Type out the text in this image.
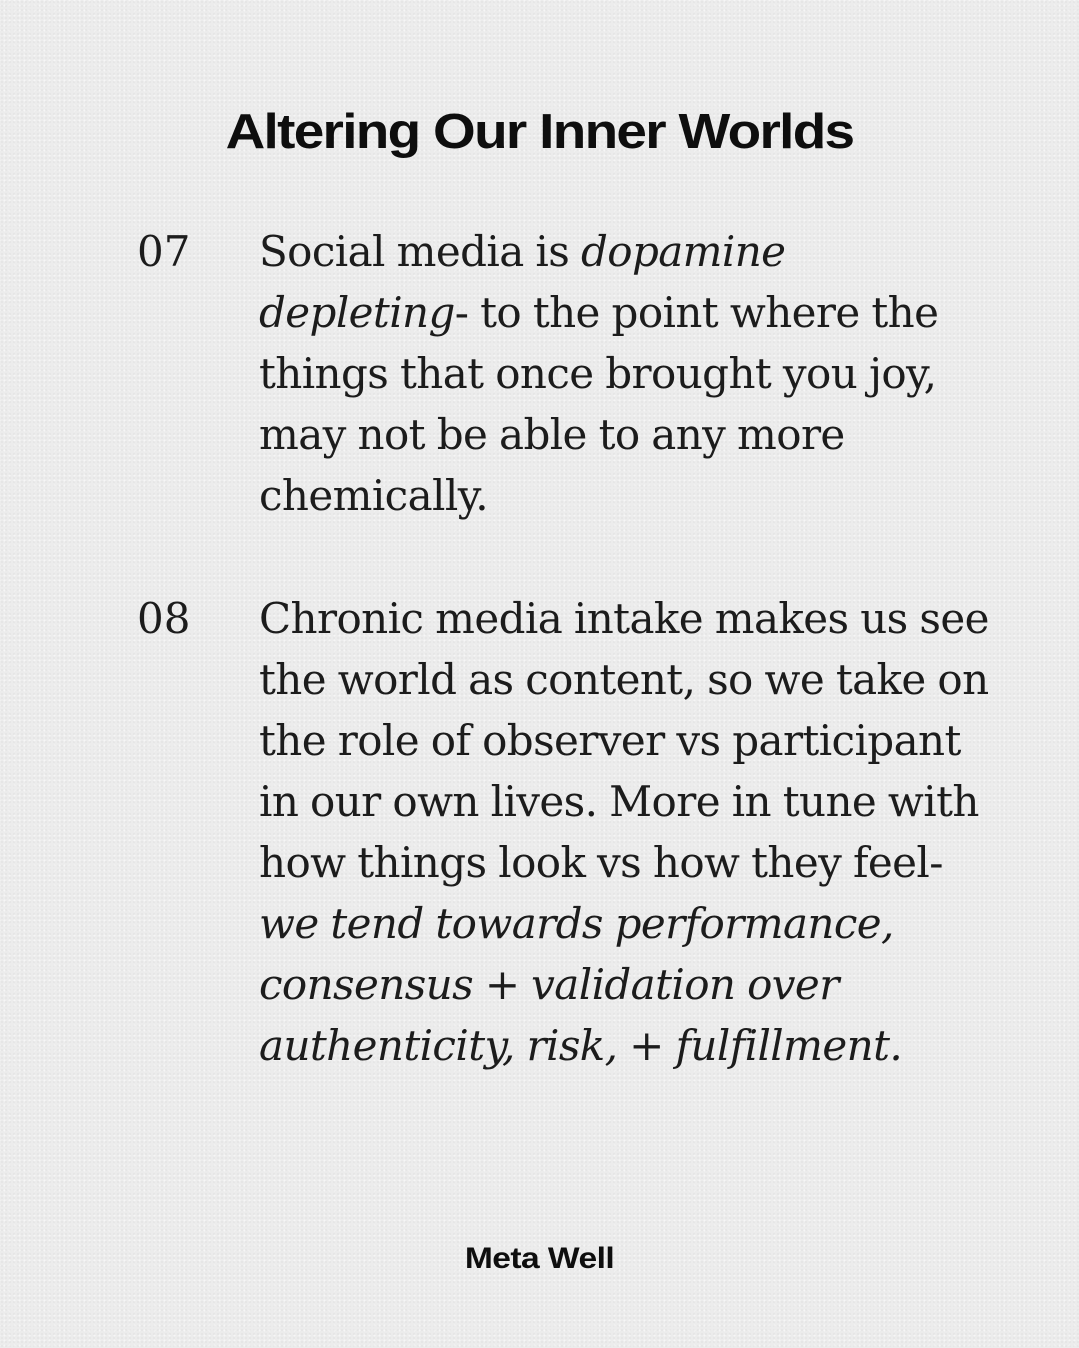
Altering Our Inner Worlds
07	Social media is dopamine depleting- to the point where the things that once brought you joy, may not be able to any more chemically.
08	Chronic media intake makes us see the world as content, so we take on the role of observer vs participant in our own lives. More in tune with how things look vs how they feel- we tend towards performance, consensus + validation over authenticity, risk, + fulfillment.
Meta Well
